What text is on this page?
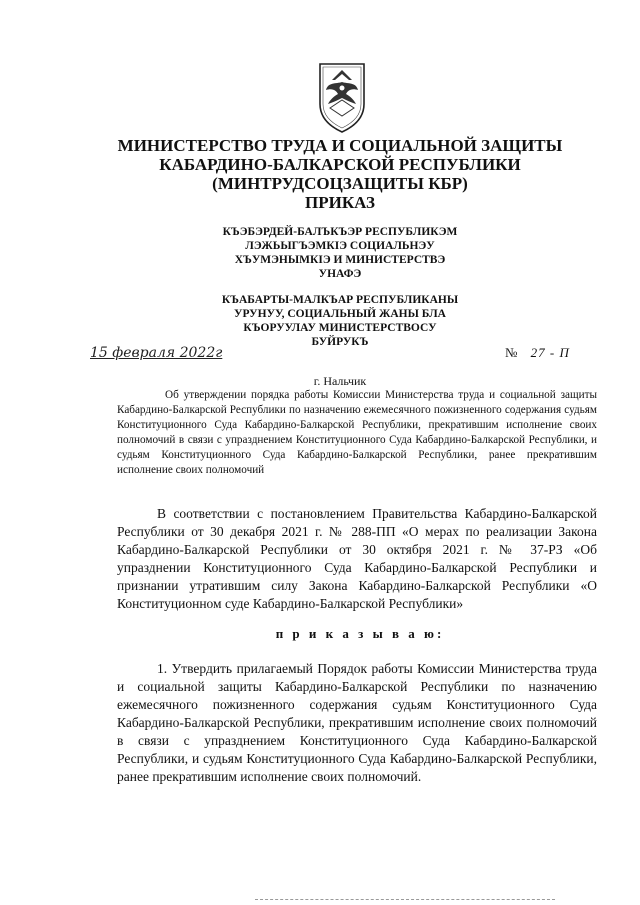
МИНИСТЕРСТВО ТРУДА И СОЦИАЛЬНОЙ ЗАЩИТЫ
КАБАРДИНО-БАЛКАРСКОЙ РЕСПУБЛИКИ
(МИНТРУДСОЦЗАЩИТЫ КБР)
ПРИКАЗ
КЪЭБЭРДЕЙ-БАЛЪКЪЭР РЕСПУБЛИКЭМ
ЛЭЖЬЫГЪЭМКIЭ СОЦИАЛЬНЭУ
ХЪУМЭНЫМКIЭ И МИНИСТЕРСТВЭ
УНАФЭ
КЪАБАРТЫ-МАЛКЪАР РЕСПУБЛИКАНЫ
УРУНУУ, СОЦИАЛЬНЫЙ ЖАНЫ БЛА
КЪОРУУЛАУ МИНИСТЕРСТВОСУ
БУЙРУКЪ
15 февраля 2022г	№ 27 - П
г. Нальчик
Об утверждении порядка работы Комиссии Министерства труда и социальной защиты Кабардино-Балкарской Республики по назначению ежемесячного пожизненного содержания судьям Конституционного Суда Кабардино-Балкарской Республики, прекратившим исполнение своих полномочий в связи с упразднением Конституционного Суда Кабардино-Балкарской Республики, и судьям Конституционного Суда Кабардино-Балкарской Республики, ранее прекратившим исполнение своих полномочий
В соответствии с постановлением Правительства Кабардино-Балкарской Республики от 30 декабря 2021 г. № 288-ПП «О мерах по реализации Закона Кабардино-Балкарской Республики от 30 октября 2021 г. № 37-РЗ «Об упразднении Конституционного Суда Кабардино-Балкарской Республики и признании утратившим силу Закона Кабардино-Балкарской Республики «О Конституционном суде Кабардино-Балкарской Республики»
п р и к а з ы в а ю:
1. Утвердить прилагаемый Порядок работы Комиссии Министерства труда и социальной защиты Кабардино-Балкарской Республики по назначению ежемесячного пожизненного содержания судьям Конституционного Суда Кабардино-Балкарской Республики, прекратившим исполнение своих полномочий в связи с упразднением Конституционного Суда Кабардино-Балкарской Республики, и судьям Конституционного Суда Кабардино-Балкарской Республики, ранее прекратившим исполнение своих полномочий.
